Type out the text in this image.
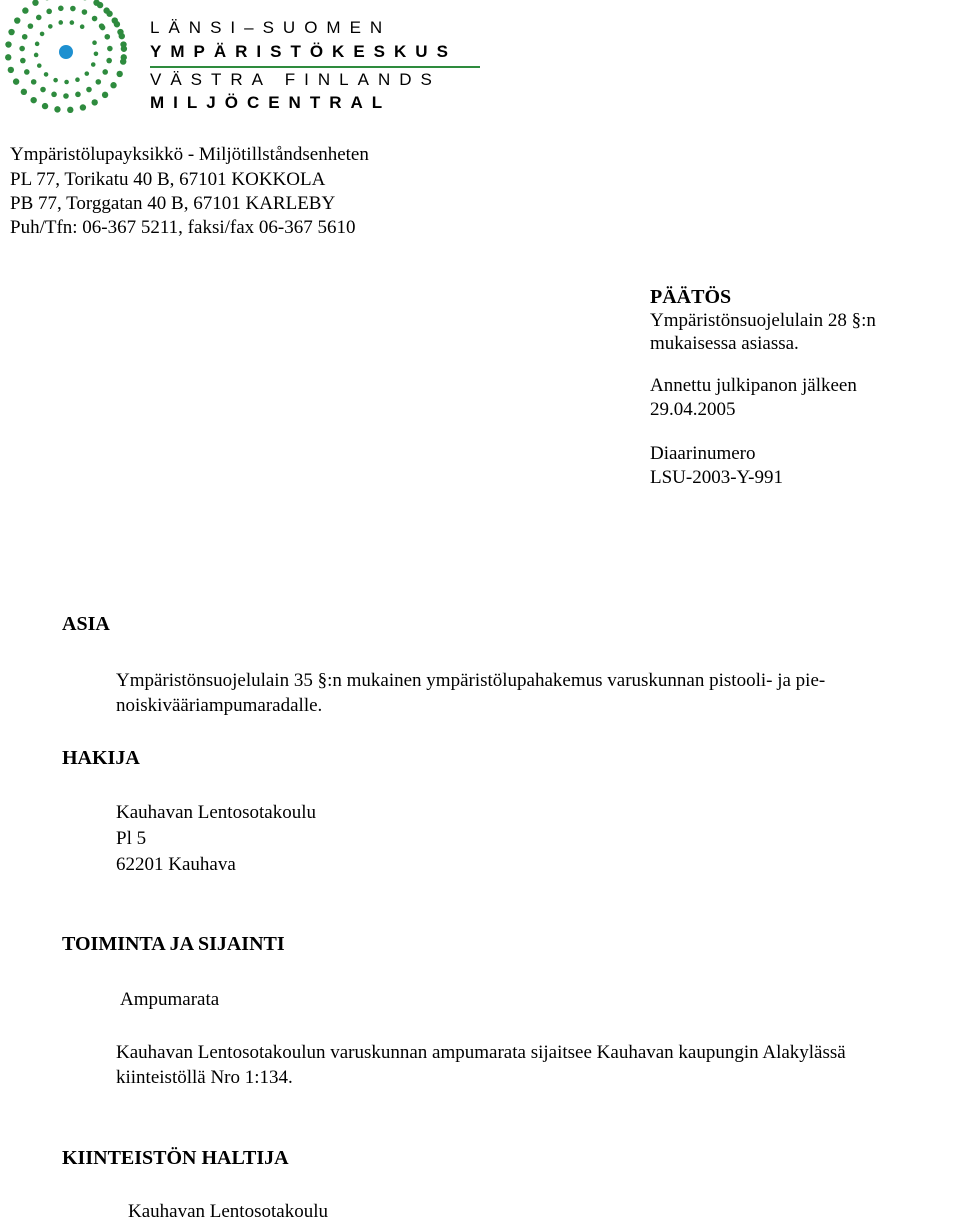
LÄNSI–SUOMEN
YMPÄRISTÖKESKUS
VÄSTRA FINLANDS
MILJÖCENTRAL
Ympäristölupayksikkö - Miljötillståndsenheten
PL 77, Torikatu 40 B, 67101 KOKKOLA
PB 77, Torggatan 40 B, 67101 KARLEBY
Puh/Tfn: 06-367 5211, faksi/fax 06-367 5610
PÄÄTÖS
Ympäristönsuojelulain 28 §:n
mukaisessa asiassa.
Annettu julkipanon jälkeen
29.04.2005
Diaarinumero
LSU-2003-Y-991
ASIA
Ympäristönsuojelulain 35 §:n mukainen ympäristölupahakemus varuskunnan pistooli- ja pie-
noiskivääriampumaradalle.
HAKIJA
Kauhavan Lentosotakoulu
Pl 5
62201 Kauhava
TOIMINTA JA SIJAINTI
Ampumarata
Kauhavan Lentosotakoulun varuskunnan ampumarata sijaitsee Kauhavan kaupungin Alakylässä
kiinteistöllä Nro 1:134.
KIINTEISTÖN HALTIJA
Kauhavan Lentosotakoulu
